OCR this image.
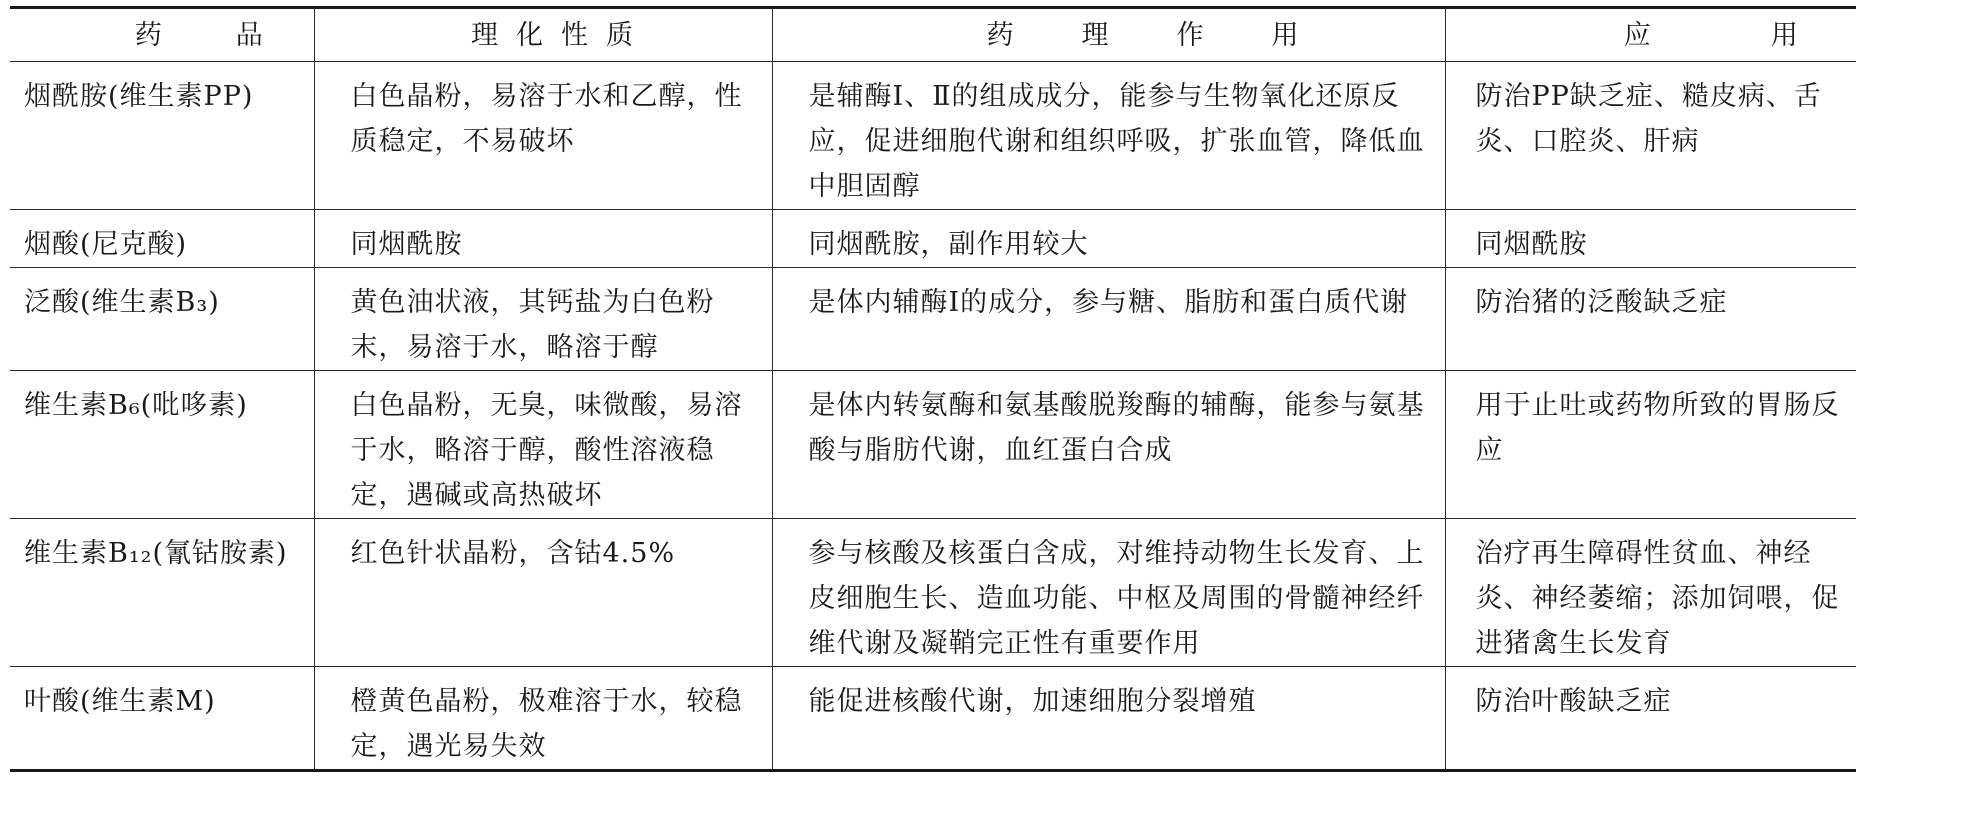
药品	理化性质	药理作用	应用
烟酰胺(维生素PP)	白色晶粉，易溶于水和乙醇，性质稳定，不易破坏	是辅酶Ⅰ、Ⅱ的组成成分，能参与生物氧化还原反应，促进细胞代谢和组织呼吸，扩张血管，降低血中胆固醇	防治PP缺乏症、糙皮病、舌炎、口腔炎、肝病
烟酸(尼克酸)	同烟酰胺	同烟酰胺，副作用较大	同烟酰胺
泛酸(维生素B₃)	黄色油状液，其钙盐为白色粉末，易溶于水，略溶于醇	是体内辅酶Ⅰ的成分，参与糖、脂肪和蛋白质代谢	防治猪的泛酸缺乏症
维生素B₆(吡哆素)	白色晶粉，无臭，味微酸，易溶于水，略溶于醇，酸性溶液稳定，遇碱或高热破坏	是体内转氨酶和氨基酸脱羧酶的辅酶，能参与氨基酸与脂肪代谢，血红蛋白合成	用于止吐或药物所致的胃肠反应
维生素B₁₂(氰钴胺素)	红色针状晶粉，含钴4.5%	参与核酸及核蛋白含成，对维持动物生长发育、上皮细胞生长、造血功能、中枢及周围的骨髓神经纤维代谢及凝鞘完正性有重要作用	治疗再生障碍性贫血、神经炎、神经萎缩；添加饲喂，促进猪禽生长发育
叶酸(维生素M)	橙黄色晶粉，极难溶于水，较稳定，遇光易失效	能促进核酸代谢，加速细胞分裂增殖	防治叶酸缺乏症
